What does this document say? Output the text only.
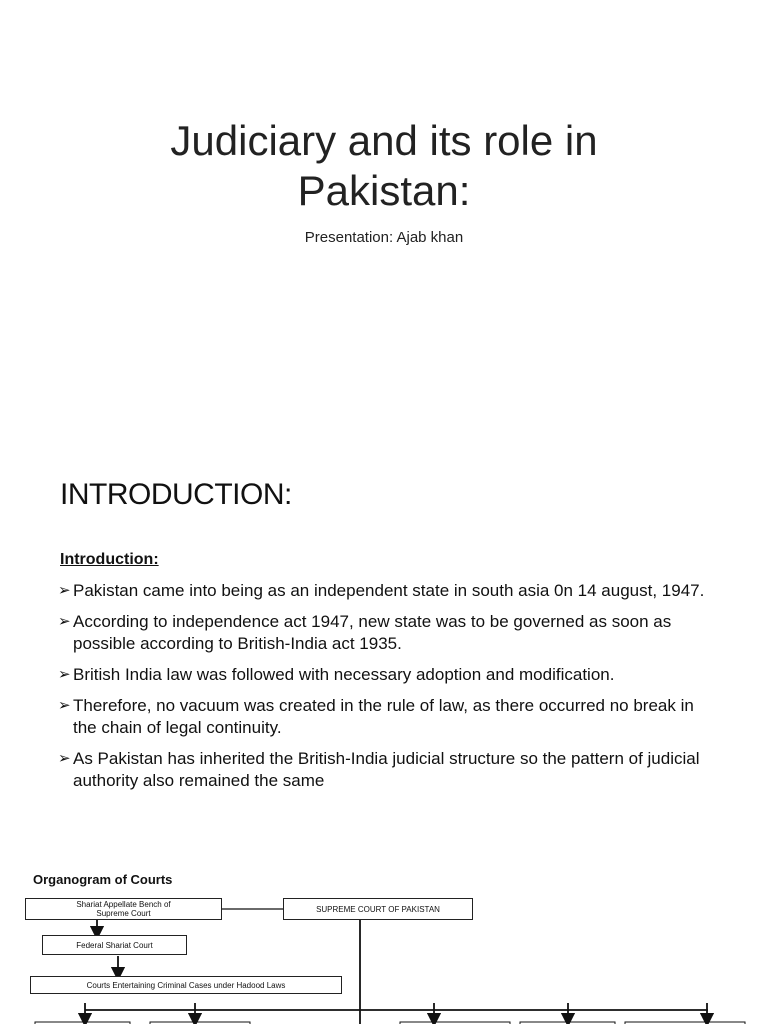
Judiciary and its role in
Pakistan:
Presentation: Ajab khan
INTRODUCTION:
Introduction:
➢ Pakistan came into being as an independent state in south asia 0n 14 august, 1947.
➢ According to independence act 1947, new state was to be governed as soon as possible according to British-India act 1935.
➢ British India law was followed with necessary adoption and modification.
➢ Therefore, no vacuum was created in the rule of law, as there occurred no break in the chain of legal continuity.
➢ As Pakistan has inherited the British-India judicial structure so the pattern of judicial authority also remained the same
Organogram of Courts
Shariat Appellate Bench of Supreme Court	SUPREME COURT OF PAKISTAN
Federal Shariat Court
Courts Entertaining Criminal Cases under Hadood Laws
